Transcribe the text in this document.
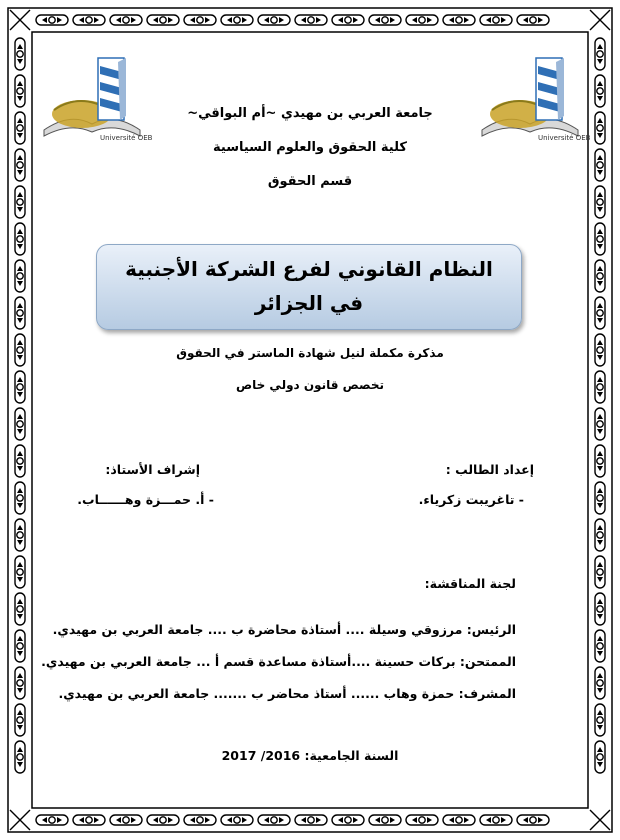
Université OEB	Université OEB
جامعة العربي بن مهيدي ~أم البواقي~
كلية الحقوق والعلوم السياسية
قسم الحقوق
النظام القانوني لفرع الشركة الأجنبية
في الجزائر
مذكرة مكملة لنيل شهادة الماستر في الحقوق
تخصص قانون دولي خاص
إعداد الطالب :
- تاغريبت زكرياء.
إشراف الأستاذ:
- أ. حمـــزة وهــــــاب.
لجنة المناقشة:
الرئيس: مرزوقي وسيلة .... أستاذة محاضرة ب .... جامعة العربي بن مهيدي.
الممتحن: بركات حسينة ....أستاذة مساعدة قسم أ ... جامعة العربي بن مهيدي.
المشرف: حمزة وهاب ...... أستاذ محاضر ب ....... جامعة العربي بن مهيدي.
السنة الجامعية: 2016/ 2017
